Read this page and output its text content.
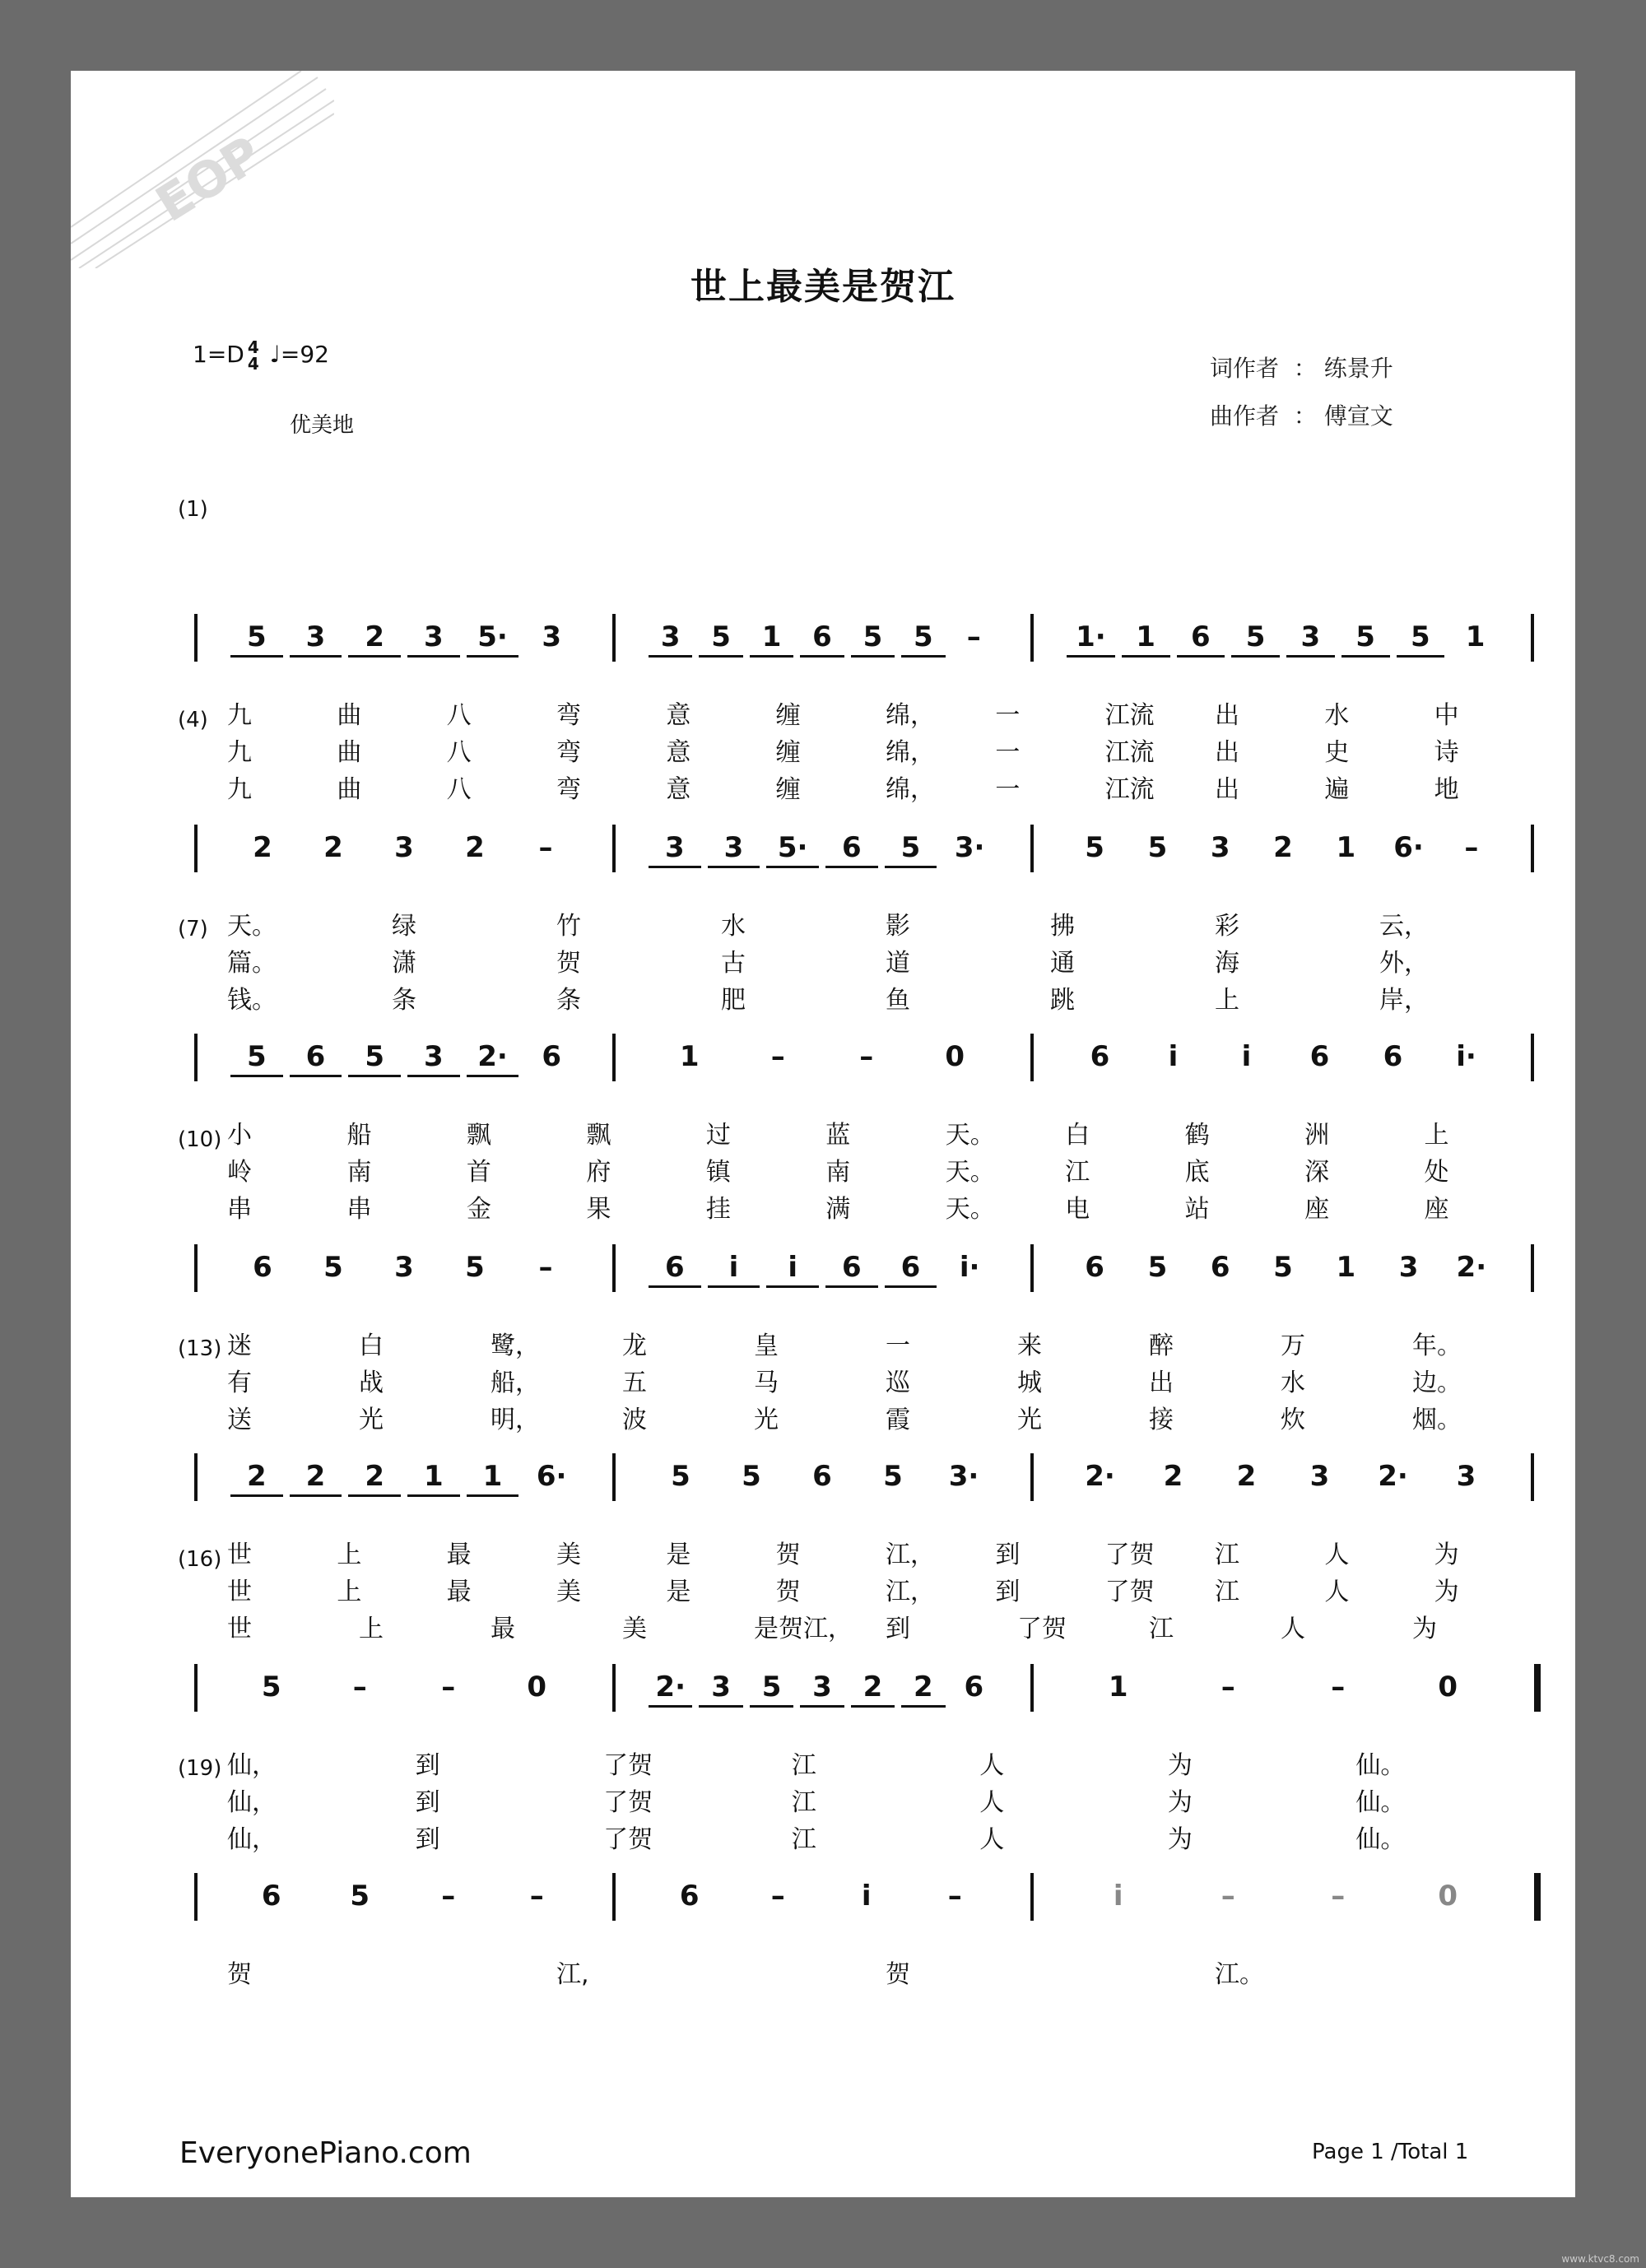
EOP
世上最美是贺江
1=D 4
4 ♩=92
优美地
词作者 ： 练景升
曲作者 ： 傅宣文
(1)
5	3	2	3	5·	3	3	5	1	6	5	5	–	1·	1	6	5	3	5	5	1
九	曲	八	弯	意	缠	绵， 一	江流 出	水	中
九	曲	八	弯	意	缠	绵， 一	江流 出	史	诗
九	曲	八	弯	意	缠	绵， 一	江流 出	遍	地
(4)
2	2	3	2	–	3	3	5·	6	5	3·	5	5	3	2	1	6·	–
天。	绿	竹	水	影	拂	彩	云，
篇。	潇	贺	古	道	通	海	外，
钱。	条	条	肥	鱼	跳	上	岸，
(7)
5	6	5	3	2·	6	1	–	–	0	6	i	i	6	6	i·
小	船	飘	飘	过	蓝	天。	白	鹤	洲	上
岭	南	首	府	镇	南	天。	江	底	深	处
串	串	金	果	挂	满	天。	电	站	座	座
(10)
6	5	3	5	–	6	i	i	6	6	i·	6	5	6	5	1	3	2·
迷	白	鹭，	龙	皇	一	来	醉	万	年。
有	战	船，	五	马	巡	城	出	水	边。
送	光	明，	波	光	霞	光	接	炊	烟。
(13)
2	2	2	1	1	6·	5	5	6	5	3·	2·	2	2	3	2·	3
世	上	最	美	是	贺	江， 到	了贺 江	人	为
世	上	最	美	是	贺	江， 到	了贺 江	人	为
世	上	最	美	是贺江， 到	了贺	江	人	为
(16)
5	–	–	0	2· 3	5	3	2	2	6	1	–	–	0
仙，	到	了贺	江	人	为	仙。
仙，	到	了贺	江	人	为	仙。
仙，	到	了贺	江	人	为	仙。
(19)
6	5	–	–	6	–	i	–	i	–	–	0
贺	江,	贺	江。
EveryonePiano.com	Page 1 /Total 1
www.ktvc8.com
